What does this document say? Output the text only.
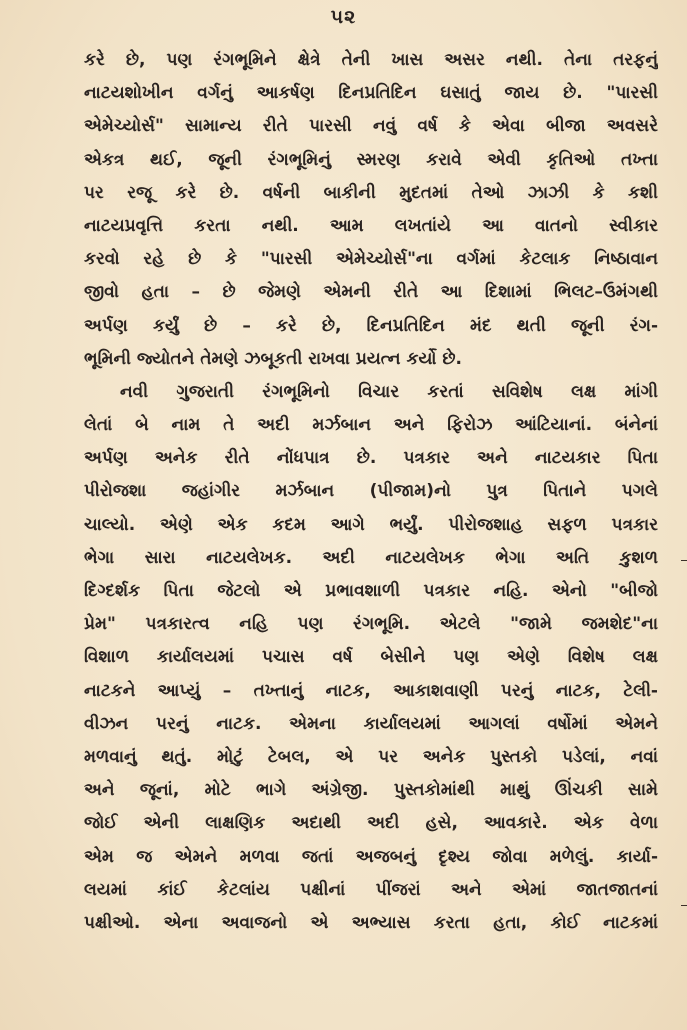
૫૨
કરે છે, પણ રંગભૂમિને ક્ષેત્રે તેની ખાસ અસર નથી. તેના તરફનું
નાટયશોખીન વર્ગનું આકર્ષણ દિનપ્રતિદિન ઘસાતું જાય છે. "પારસી
એમેચ્યોર્સ" સામાન્ય રીતે પારસી નવું વર્ષ કે એવા બીજા અવસરે
એકત્ર થઈ, જૂની રંગભૂમિનું સ્મરણ કરાવે એવી કૃતિઓ તખ્તા
પર રજૂ કરે છે. વર્ષની બાકીની મુદતમાં તેઓ ઝાઝી કે કશી
નાટયપ્રવૃત્તિ કરતા નથી. આમ લખતાંયે આ વાતનો સ્વીકાર
કરવો રહે છે કે "પારસી એમેચ્યોર્સ"ના વર્ગમાં કેટલાક નિષ્ઠાવાન
જીવો હતા – છે જેમણે એમની રીતે આ દિશામાં ભિલટ–ઉમંગથી
અર્પણ કર્યું છે – કરે છે, દિનપ્રતિદિન મંદ થતી જૂની રંગ-
ભૂમિની જ્યોતને તેમણે ઝબૂકતી રાખવા પ્રયત્ન કર્યો છે.
નવી ગુજરાતી રંગભૂમિનો વિચાર કરતાં સવિશેષ લક્ષ માંગી
લેતાં બે નામ તે અદી મર્ઝબાન અને ફિરોઝ આંટિયાનાં. બંનેનાં
અર્પણ અનેક રીતે નોંધપાત્ર છે. પત્રકાર અને નાટયકાર પિતા
પીરોજશા જહાંગીર મર્ઝબાન (પીજામ)નો પુત્ર પિતાને પગલે
ચાલ્યો. એણે એક કદમ આગે ભર્યું. પીરોજશાહ સફળ પત્રકાર
ભેગા સારા નાટયલેખક. અદી નાટયલેખક ભેગા અતિ કુશળ
દિગ્દર્શક પિતા જેટલો એ પ્રભાવશાળી પત્રકાર નહિ. એનો "બીજો
પ્રેમ" પત્રકારત્વ નહિ પણ રંગભૂમિ. એટલે "જામે જમશેદ"ના
વિશાળ કાર્યાલયમાં પચાસ વર્ષ બેસીને પણ એણે વિશેષ લક્ષ
નાટકને આપ્યું – તખ્તાનું નાટક, આકાશવાણી પરનું નાટક, ટેલી-
વીઝન પરનું નાટક. એમના કાર્યાલયમાં આગલાં વર્ષોમાં એમને
મળવાનું થતું. મોટું ટેબલ, એ પર અનેક પુસ્તકો પડેલાં, નવાં
અને જૂનાં, મોટે ભાગે અંગ્રેજી. પુસ્તકોમાંથી માથું ઊંચકી સામે
જોઈ એની લાક્ષણિક અદાથી અદી હસે, આવકારે. એક વેળા
એમ જ એમને મળવા જતાં અજબનું દૃશ્ય જોવા મળેલું. કાર્યા-
લયમાં કાંઈ કેટલાંય પક્ષીનાં પીંજરાં અને એમાં જાતજાતનાં
પક્ષીઓ. એના અવાજનો એ અભ્યાસ કરતા હતા, કોઈ નાટકમાં
